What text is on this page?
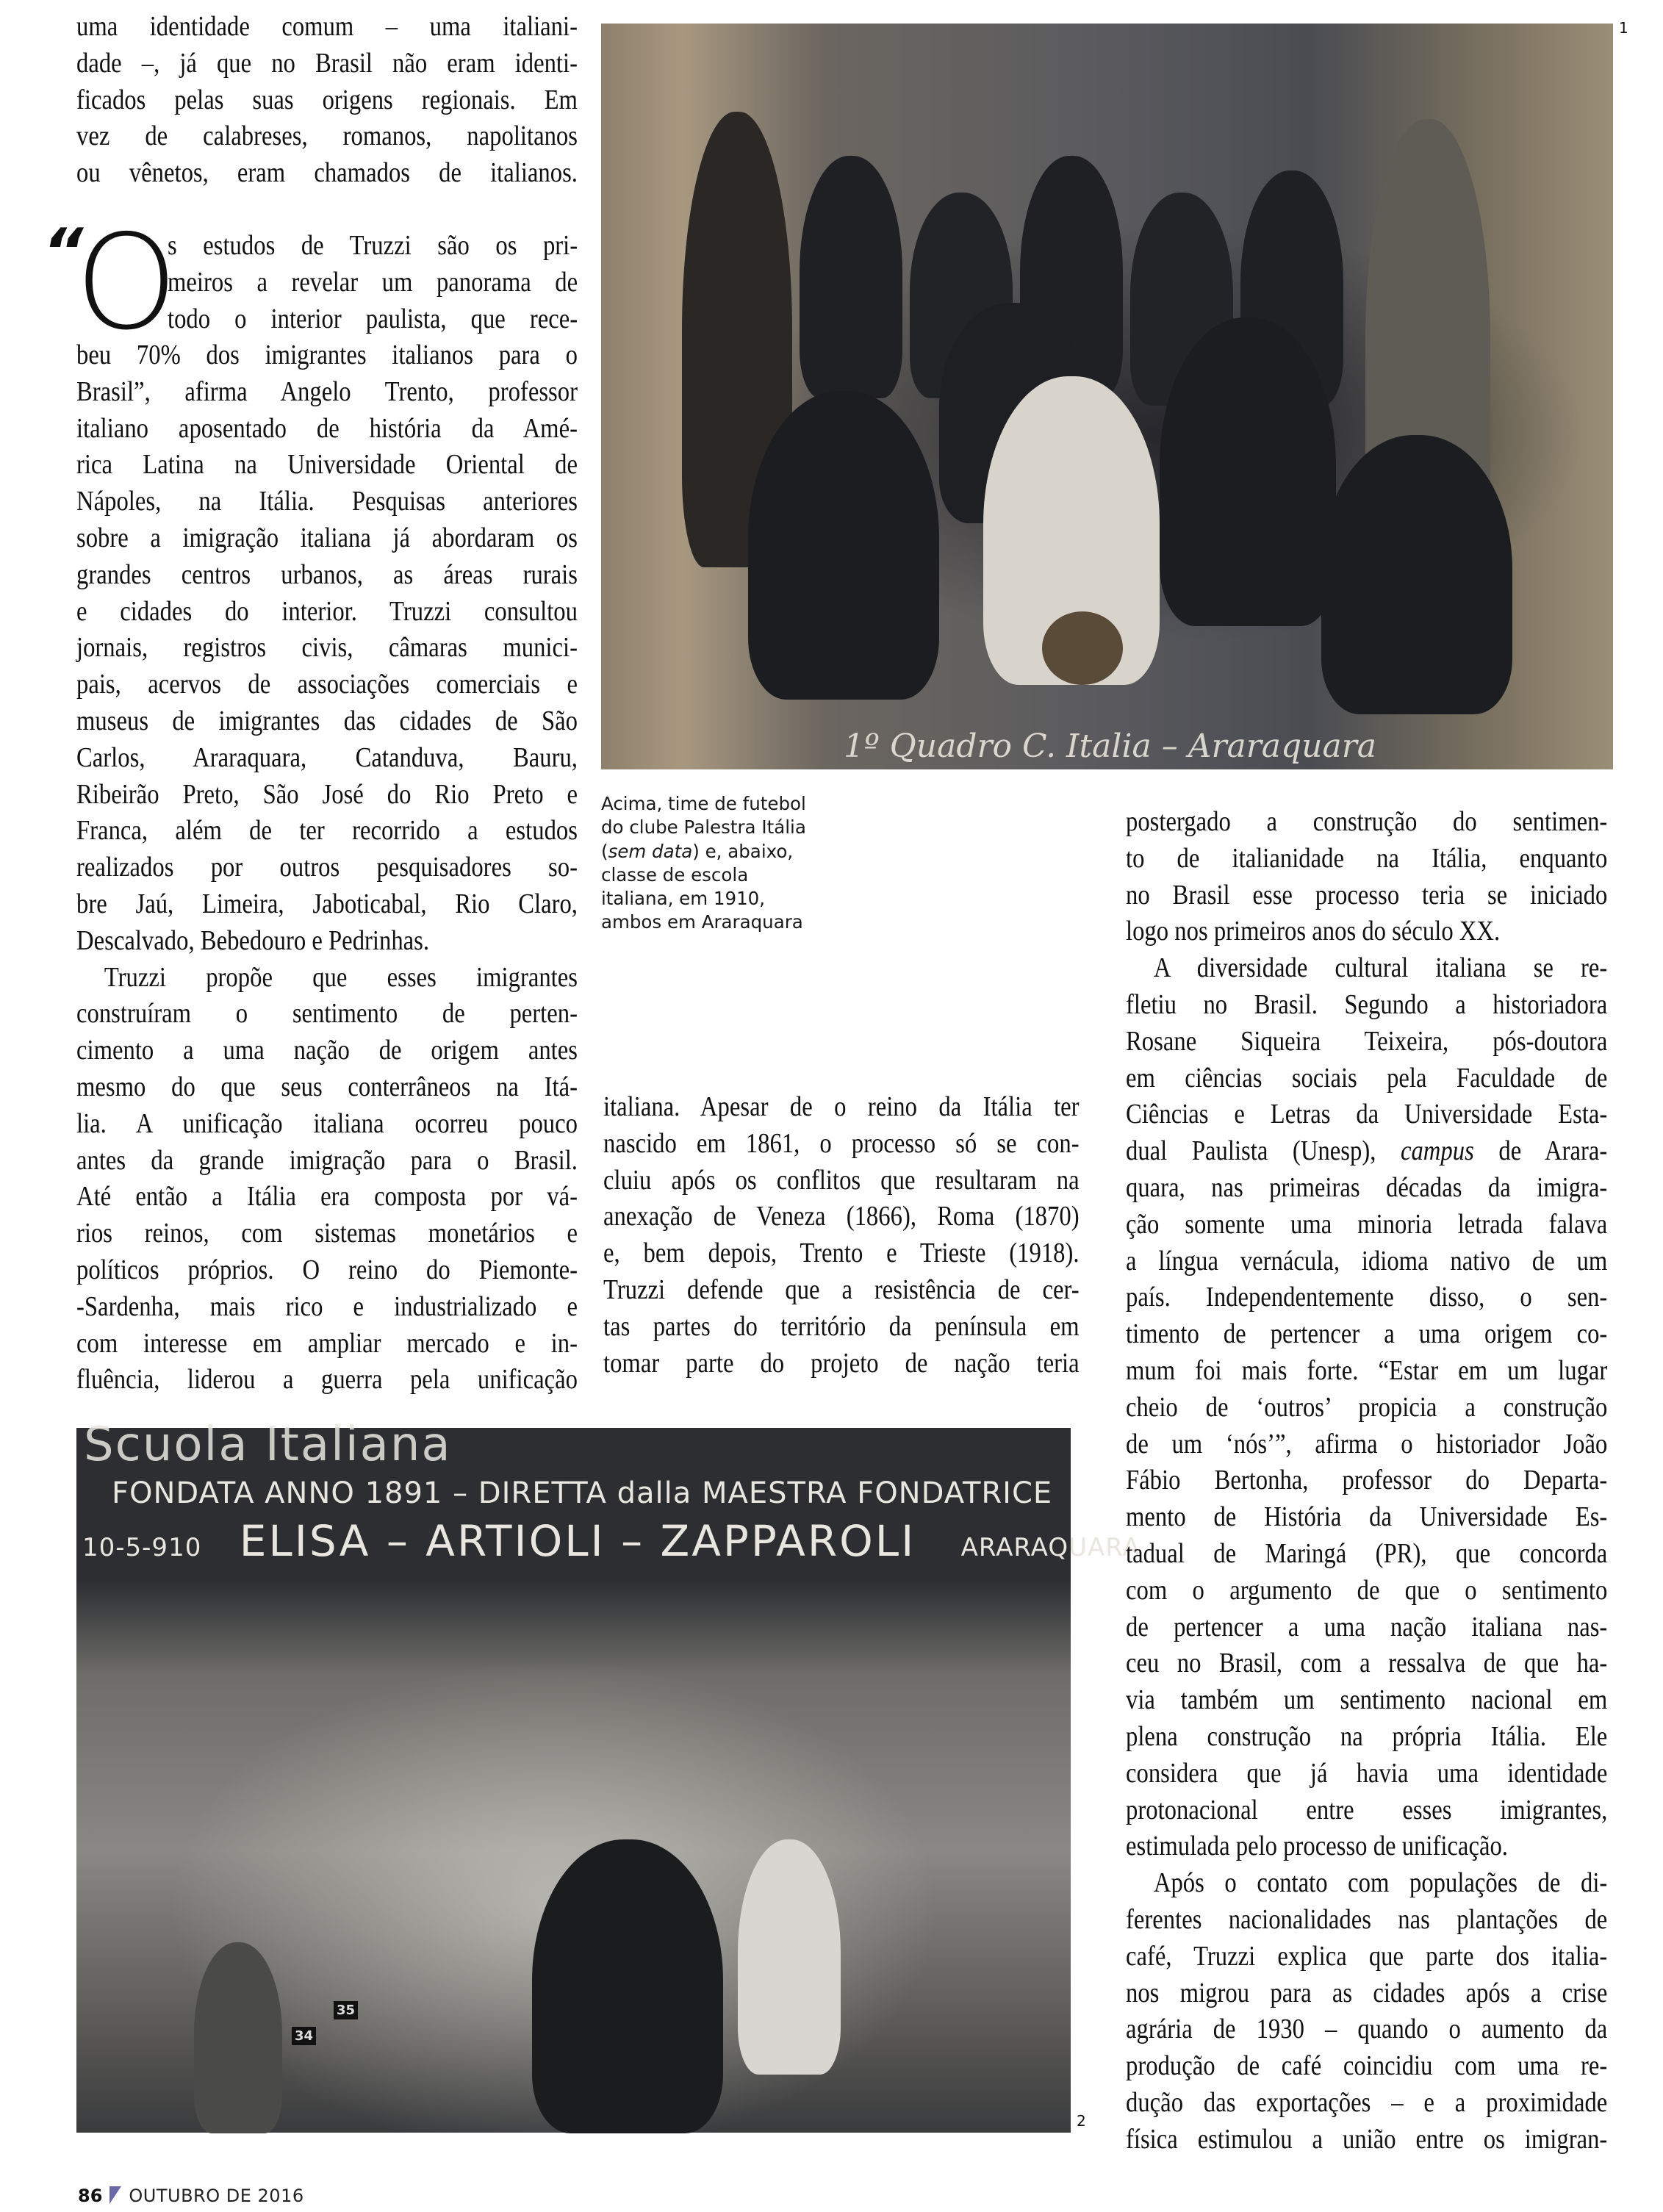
1º Quadro C. Italia – Araraquara
1
Scuola Italiana
FONDATA ANNO 1891 – DIRETTA dalla MAESTRA FONDATRICE
10-5-910 ELISA – ARTIOLI – ZAPPAROLI ARARAQUARA
34
35
2
uma identidade comum – uma italiani-
dade –, já que no Brasil não eram identi-
ficados pelas suas origens regionais. Em
vez de calabreses, romanos, napolitanos
ou vênetos, eram chamados de italianos.
“
O
s estudos de Truzzi são os pri-
meiros a revelar um panorama de
todo o interior paulista, que rece-
beu 70% dos imigrantes italianos para o
Brasil”, afirma Angelo Trento, professor
italiano aposentado de história da Amé-
rica Latina na Universidade Oriental de
Nápoles, na Itália. Pesquisas anteriores
sobre a imigração italiana já abordaram os
grandes centros urbanos, as áreas rurais
e cidades do interior. Truzzi consultou
jornais, registros civis, câmaras munici-
pais, acervos de associações comerciais e
museus de imigrantes das cidades de São
Carlos, Araraquara, Catanduva, Bauru,
Ribeirão Preto, São José do Rio Preto e
Franca, além de ter recorrido a estudos
realizados por outros pesquisadores so-
bre Jaú, Limeira, Jaboticabal, Rio Claro,
Descalvado, Bebedouro e Pedrinhas.
Truzzi propõe que esses imigrantes
construíram o sentimento de perten-
cimento a uma nação de origem antes
mesmo do que seus conterrâneos na Itá-
lia. A unificação italiana ocorreu pouco
antes da grande imigração para o Brasil.
Até então a Itália era composta por vá-
rios reinos, com sistemas monetários e
políticos próprios. O reino do Piemonte-
-Sardenha, mais rico e industrializado e
com interesse em ampliar mercado e in-
fluência, liderou a guerra pela unificação
Acima, time de futebol
do clube Palestra Itália
(sem data) e, abaixo,
classe de escola
italiana, em 1910,
ambos em Araraquara
italiana. Apesar de o reino da Itália ter
nascido em 1861, o processo só se con-
cluiu após os conflitos que resultaram na
anexação de Veneza (1866), Roma (1870)
e, bem depois, Trento e Trieste (1918).
Truzzi defende que a resistência de cer-
tas partes do território da península em
tomar parte do projeto de nação teria
postergado a construção do sentimen-
to de italianidade na Itália, enquanto
no Brasil esse processo teria se iniciado
logo nos primeiros anos do século XX.
A diversidade cultural italiana se re-
fletiu no Brasil. Segundo a historiadora
Rosane Siqueira Teixeira, pós-doutora
em ciências sociais pela Faculdade de
Ciências e Letras da Universidade Esta-
dual Paulista (Unesp), campus de Arara-
quara, nas primeiras décadas da imigra-
ção somente uma minoria letrada falava
a língua vernácula, idioma nativo de um
país. Independentemente disso, o sen-
timento de pertencer a uma origem co-
mum foi mais forte. “Estar em um lugar
cheio de ‘outros’ propicia a construção
de um ‘nós’”, afirma o historiador João
Fábio Bertonha, professor do Departa-
mento de História da Universidade Es-
tadual de Maringá (PR), que concorda
com o argumento de que o sentimento
de pertencer a uma nação italiana nas-
ceu no Brasil, com a ressalva de que ha-
via também um sentimento nacional em
plena construção na própria Itália. Ele
considera que já havia uma identidade
protonacional entre esses imigrantes,
estimulada pelo processo de unificação.
Após o contato com populações de di-
ferentes nacionalidades nas plantações de
café, Truzzi explica que parte dos italia-
nos migrou para as cidades após a crise
agrária de 1930 – quando o aumento da
produção de café coincidiu com uma re-
dução das exportações – e a proximidade
física estimulou a união entre os imigran-
86 OUTUBRO DE 2016
